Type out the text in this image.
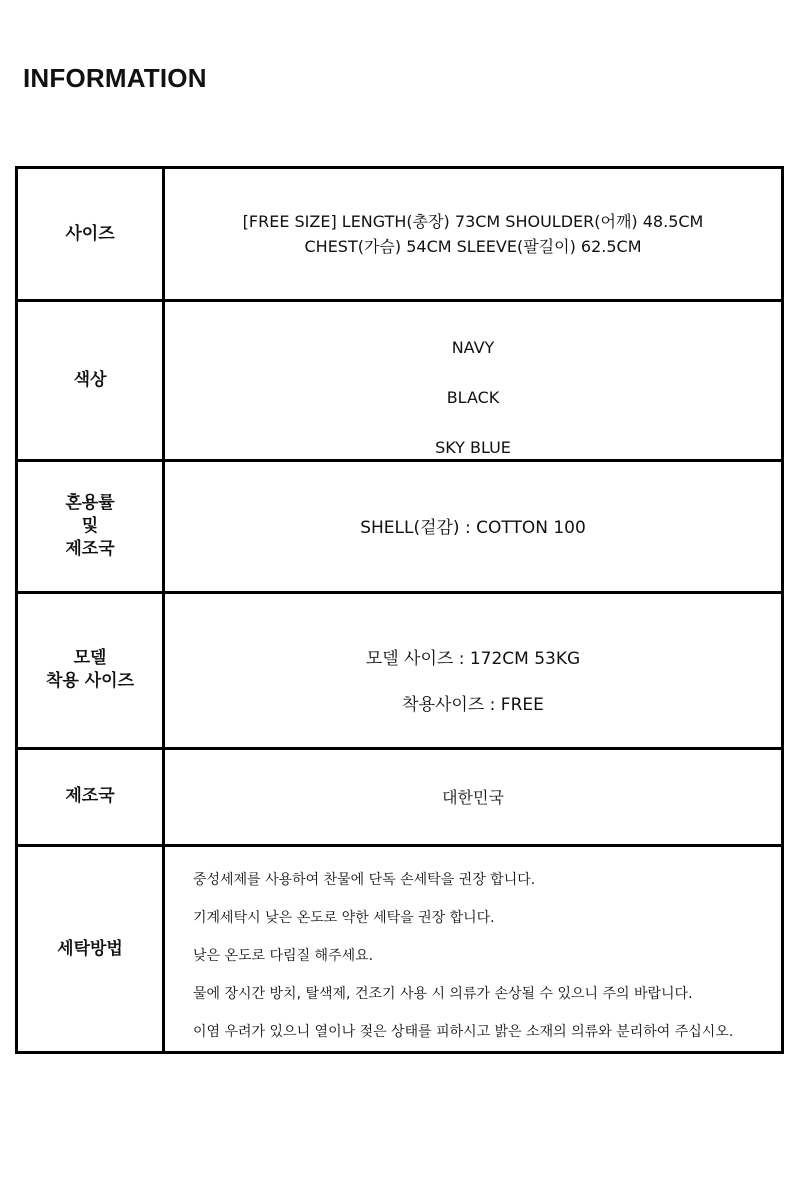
INFORMATION
사이즈
[FREE SIZE] LENGTH(총장) 73CM SHOULDER(어깨) 48.5CM
CHEST(가슴) 54CM SLEEVE(팔길이) 62.5CM
색상
NAVY
BLACK
SKY BLUE
혼용률
및
제조국
SHELL(겉감) : COTTON 100
모델
착용 사이즈
모델 사이즈 : 172CM 53KG
착용사이즈 : FREE
제조국	대한민국
세탁방법
중성세제를 사용하여 찬물에 단독 손세탁을 권장 합니다.
기계세탁시 낮은 온도로 약한 세탁을 권장 합니다.
낮은 온도로 다림질 해주세요.
물에 장시간 방치, 탈색제, 건조기 사용 시 의류가 손상될 수 있으니 주의 바랍니다.
이염 우려가 있으니 열이나 젖은 상태를 피하시고 밝은 소재의 의류와 분리하여 주십시오.
